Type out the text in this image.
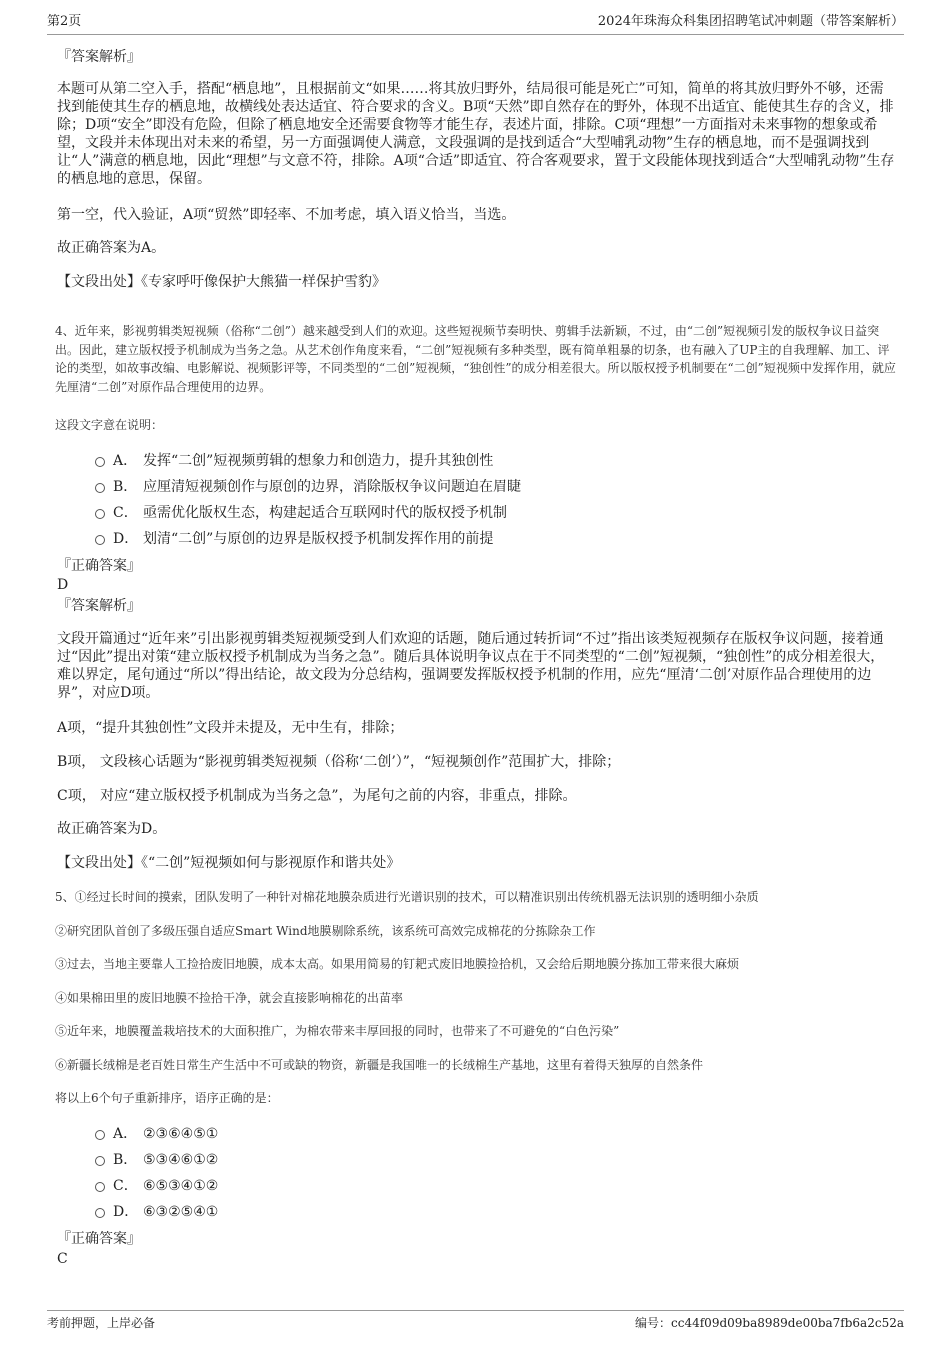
第2页	2024年珠海众科集团招聘笔试冲刺题（带答案解析）

『答案解析』

本题可从第二空入手，搭配“栖息地”，且根据前文“如果……将其放归野外，结局很可能是死亡”可知，简单的将其放归野外不够，还需找到能使其生存的栖息地，故横线处表达适宜、符合要求的含义。B项“天然”即自然存在的野外，体现不出适宜、能使其生存的含义，排除；D项“安全”即没有危险，但除了栖息地安全还需要食物等才能生存，表述片面，排除。C项“理想”一方面指对未来事物的想象或希望，文段并未体现出对未来的希望，另一方面强调使人满意，文段强调的是找到适合“大型哺乳动物”生存的栖息地，而不是强调找到让“人”满意的栖息地，因此“理想”与文意不符，排除。A项“合适”即适宜、符合客观要求，置于文段能体现找到适合“大型哺乳动物”生存的栖息地的意思，保留。

第一空，代入验证，A项“贸然”即轻率、不加考虑，填入语义恰当，当选。

故正确答案为A。

【文段出处】《专家呼吁像保护大熊猫一样保护雪豹》

4、近年来，影视剪辑类短视频（俗称“二创”）越来越受到人们的欢迎。这些短视频节奏明快、剪辑手法新颖，不过，由“二创”短视频引发的版权争议日益突出。因此，建立版权授予机制成为当务之急。从艺术创作角度来看，“二创”短视频有多种类型，既有简单粗暴的切条，也有融入了UP主的自我理解、加工、评论的类型，如故事改编、电影解说、视频影评等，不同类型的“二创”短视频，“独创性”的成分相差很大。所以版权授予机制要在“二创”短视频中发挥作用，就应先厘清“二创”对原作品合理使用的边界。

这段文字意在说明：

A． 发挥“二创”短视频剪辑的想象力和创造力，提升其独创性
B． 应厘清短视频创作与原创的边界，消除版权争议问题迫在眉睫
C． 亟需优化版权生态，构建起适合互联网时代的版权授予机制
D． 划清“二创”与原创的边界是版权授予机制发挥作用的前提

『正确答案』

D

『答案解析』

文段开篇通过“近年来”引出影视剪辑类短视频受到人们欢迎的话题，随后通过转折词“不过”指出该类短视频存在版权争议问题，接着通过“因此”提出对策“建立版权授予机制成为当务之急”。随后具体说明争议点在于不同类型的“二创”短视频，“独创性”的成分相差很大，难以界定，尾句通过“所以”得出结论，故文段为分总结构，强调要发挥版权授予机制的作用，应先“厘清‘二创’对原作品合理使用的边界”，对应D项。

A项，“提升其独创性”文段并未提及，无中生有，排除；

B项， 文段核心话题为“影视剪辑类短视频（俗称‘二创’）”，“短视频创作”范围扩大，排除；

C项， 对应“建立版权授予机制成为当务之急”，为尾句之前的内容，非重点，排除。

故正确答案为D。

【文段出处】《“二创”短视频如何与影视原作和谐共处》

5、①经过长时间的摸索，团队发明了一种针对棉花地膜杂质进行光谱识别的技术，可以精准识别出传统机器无法识别的透明细小杂质

②研究团队首创了多级压强自适应Smart Wind地膜剔除系统，该系统可高效完成棉花的分拣除杂工作

③过去，当地主要靠人工捡拾废旧地膜，成本太高。如果用简易的钉耙式废旧地膜捡拾机，又会给后期地膜分拣加工带来很大麻烦

④如果棉田里的废旧地膜不捡拾干净，就会直接影响棉花的出苗率

⑤近年来，地膜覆盖栽培技术的大面积推广，为棉农带来丰厚回报的同时，也带来了不可避免的“白色污染”

⑥新疆长绒棉是老百姓日常生产生活中不可或缺的物资，新疆是我国唯一的长绒棉生产基地，这里有着得天独厚的自然条件

将以上6个句子重新排序，语序正确的是：

A． ②③⑥④⑤①
B． ⑤③④⑥①②
C． ⑥⑤③④①②
D． ⑥③②⑤④①

『正确答案』

C

考前押题，上岸必备	编号：cc44f09d09ba8989de00ba7fb6a2c52a
